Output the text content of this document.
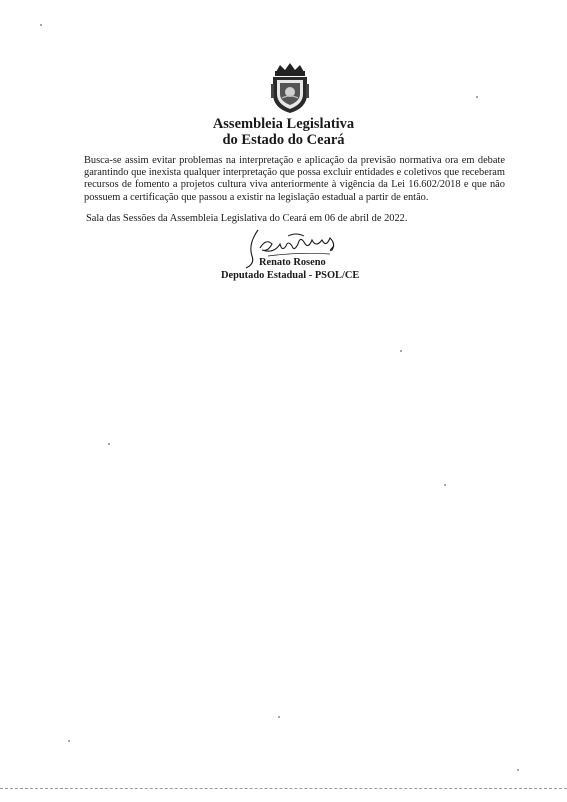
Assembleia Legislativa
do Estado do Ceará
Busca-se assim evitar problemas na interpretação e aplicação da previsão normativa ora em debate garantindo que inexista qualquer interpretação que possa excluir entidades e coletivos que receberam recursos de fomento a projetos cultura viva anteriormente à vigência da Lei 16.602/2018 e que não possuem a certificação que passou a existir na legislação estadual a partir de então.
Sala das Sessões da Assembleia Legislativa do Ceará em 06 de abril de 2022.
Renato Roseno
Deputado Estadual - PSOL/CE
